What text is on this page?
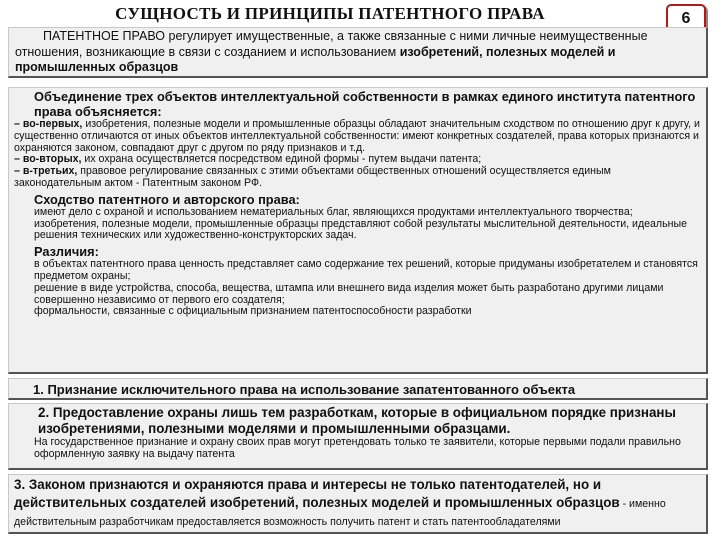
СУЩНОСТЬ И ПРИНЦИПЫ ПАТЕНТНОГО ПРАВА	6

ПАТЕНТНОЕ ПРАВО регулирует имущественные, а также связанные с ними личные неимущественные отношения, возникающие в связи с созданием и использованием изобретений, полезных моделей и промышленных образцов

Объединение трех объектов интеллектуальной собственности в рамках единого института патентного права объясняется:

– во-первых, изобретения, полезные модели и промышленные образцы обладают значительным сходством по отношению друг к другу, и существенно отличаются от иных объектов интеллектуальной собственности: имеют конкретных создателей, права которых признаются и охраняются законом, совпадают друг с другом по ряду признаков и т.д.

– во-вторых, их охрана осуществляется посредством единой формы - путем выдачи патента;

– в-третьих, правовое регулирование связанных с этими объектами общественных отношений осуществляется единым законодательным актом - Патентным законом РФ.

Сходство патентного и авторского права:

имеют дело с охраной и использованием нематериальных благ, являющихся продуктами интеллектуального творчества;

изобретения, полезные модели, промышленные образцы представляют собой результаты мыслительной деятельности, идеальные решения технических или художественно-конструкторских задач.

Различия:

в объектах патентного права ценность представляет само содержание тех решений, которые придуманы изобретателем и становятся предметом охраны;

решение в виде устройства, способа, вещества, штампа или внешнего вида изделия может быть разработано другими лицами совершенно независимо от первого его создателя;

формальности, связанные с официальным признанием патентоспособности разработки

1. Признание исключительного права на использование запатентованного объекта

2. Предоставление охраны лишь тем разработкам, которые в официальном порядке признаны изобретениями, полезными моделями и промышленными образцами.

На государственное признание и охрану своих прав могут претендовать только те заявители, которые первыми подали правильно оформленную заявку на выдачу патента

3. Законом признаются и охраняются права и интересы не только патентодателей, но и действительных создателей изобретений, полезных моделей и промышленных образцов - именно действительным разработчикам предоставляется возможность получить патент и стать патентообладателями
